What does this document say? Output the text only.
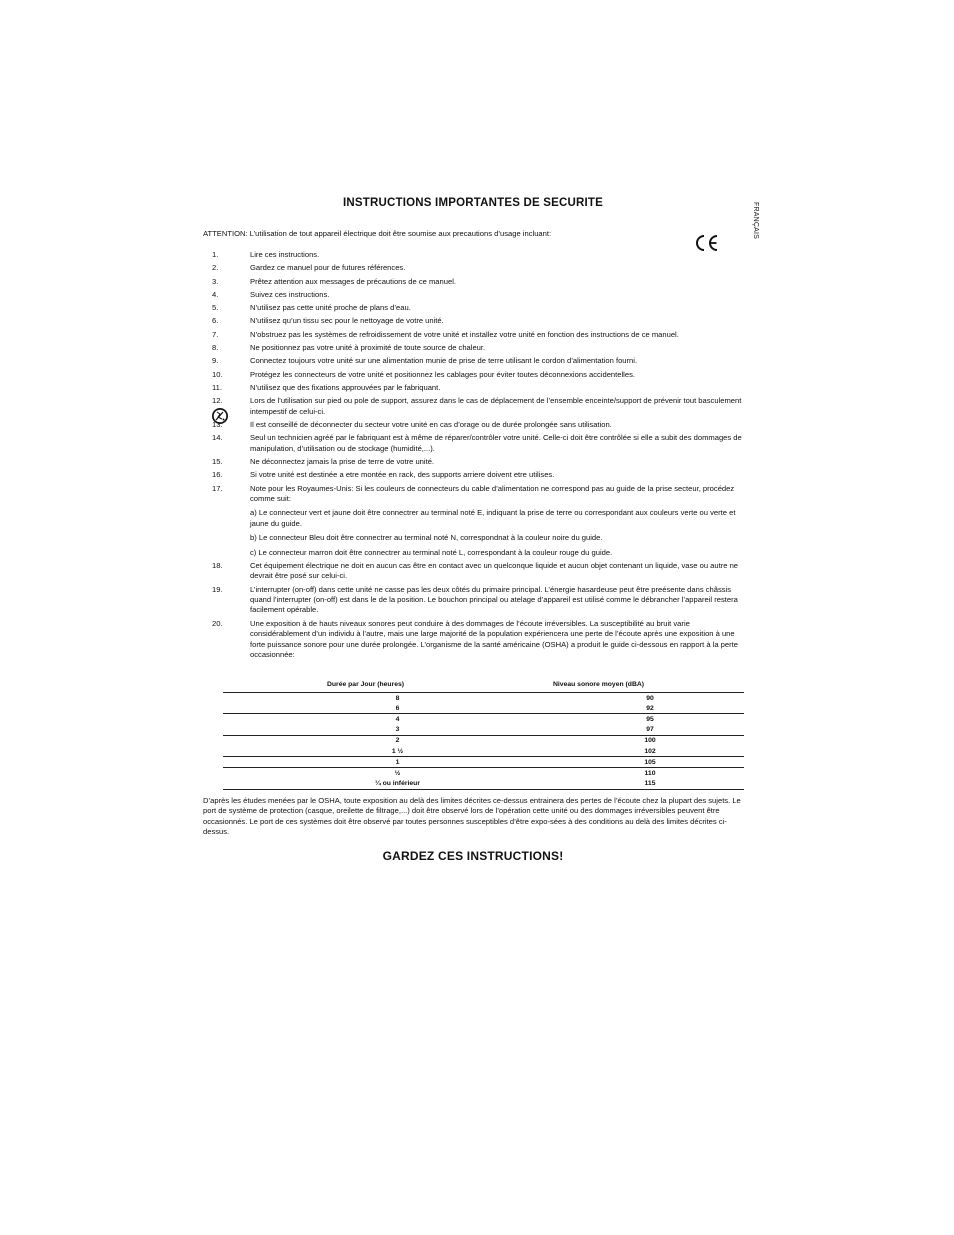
FRANÇAIS
INSTRUCTIONS IMPORTANTES DE SECURITE
ATTENTION: L’utilisation de tout appareil électrique doit être soumise aux precautions d’usage incluant:
1.	Lire ces instructions.
2.	Gardez ce manuel pour de futures références.
3.	Prêtez attention aux messages de précautions de ce manuel.
4.	Suivez ces instructions.
5.	N’utilisez pas cette unité proche de plans d’eau.
6.	N’utilisez qu’un tissu sec pour le nettoyage de votre unité.
7.	N’obstruez pas les systèmes de refroidissement de votre unité et installez votre unité en fonction des instructions de ce manuel.
8.	Ne positionnez pas votre unité à proximité de toute source de chaleur.
9.	Connectez toujours votre unité sur une alimentation munie de prise de terre utilisant le cordon d’alimentation fourni.
10.	Protégez les connecteurs de votre unité et positionnez les cablages pour éviter toutes déconnexions accidentelles.
11.	N’utilisez que des fixations approuvées par le fabriquant.
12.	Lors de l’utilisation sur pied ou pole de support, assurez dans le cas de déplacement de l’ensemble enceinte/support de prévenir tout basculement intempestif de celui-ci.
13.	Il est conseillé de déconnecter du secteur votre unité en cas d’orage ou de durée prolongée sans utilisation.
14.	Seul un technicien agréé par le fabriquant est à même de réparer/contrôler votre unité. Celle-ci doit être contrôlée si elle a subit des dommages de manipulation, d’utilisation ou de stockage (humidité,...).
15.	Ne déconnectez jamais la prise de terre de votre unité.
16.	Si votre unité est destinée a etre montée en rack, des supports arriere doivent etre utilises.
17.	Note pour les Royaumes-Unis: Si les couleurs de connecteurs du cable d’alimentation ne correspond pas au guide de la prise secteur, procédez comme suit:
a) Le connecteur vert et jaune doit être connectrer au terminal noté E, indiquant la prise de terre ou correspondant aux couleurs verte ou verte et jaune du guide.
b) Le connecteur Bleu doit être connectrer au terminal noté N, correspondnat à la couleur noire du guide.
c) Le connecteur marron doit être connectrer au terminal noté L, correspondant à la couleur rouge du guide.
18.	Cet équipement électrique ne doit en aucun cas être en contact avec un quelconque liquide et aucun objet contenant un liquide, vase ou autre ne devrait être posé sur celui-ci.
19.	L’interrupter (on-off) dans cette unité ne casse pas les deux côtés du primaire principal. L’énergie hasardeuse peut être preésente dans châssis quand l’interrupter (on-off) est dans le de la position. Le bouchon principal ou atelage d’appareil est utilisé comme le débrancher l’appareil restera facilement opérable.
20.	Une exposition à de hauts niveaux sonores peut conduire à des dommages de l’écoute irréversibles. La susceptibilité au bruit varie considérablement d’un individu à l’autre, mais une large majorité de la population expériencera une perte de l’écoute après une exposition à une forte puissance sonore pour une durée prolongée. L’organisme de la santé américaine (OSHA) a produit le guide ci-dessous en rapport à la perte occasionnée:
Durée par Jour (heures)	Niveau sonore moyen (dBA)
8	90
6	92
4	95
3	97
2	100
1 ½	102
1	105
½	110
¼ ou inférieur	115
D’après les études menées par le OSHA, toute exposition au delà des limites décrites ce-dessus entrainera des pertes de l’écoute chez la plupart des sujets. Le port de système de protection (casque, oreilette de filtrage,...) doit être observé lors de l’opération cette unité ou des dommages irréversibles peuvent être occasionnés. Le port de ces systèmes doit être observé par toutes personnes susceptibles d’être expo-sées à des conditions au delà des limites décrites ci-dessus.
GARDEZ CES INSTRUCTIONS!
